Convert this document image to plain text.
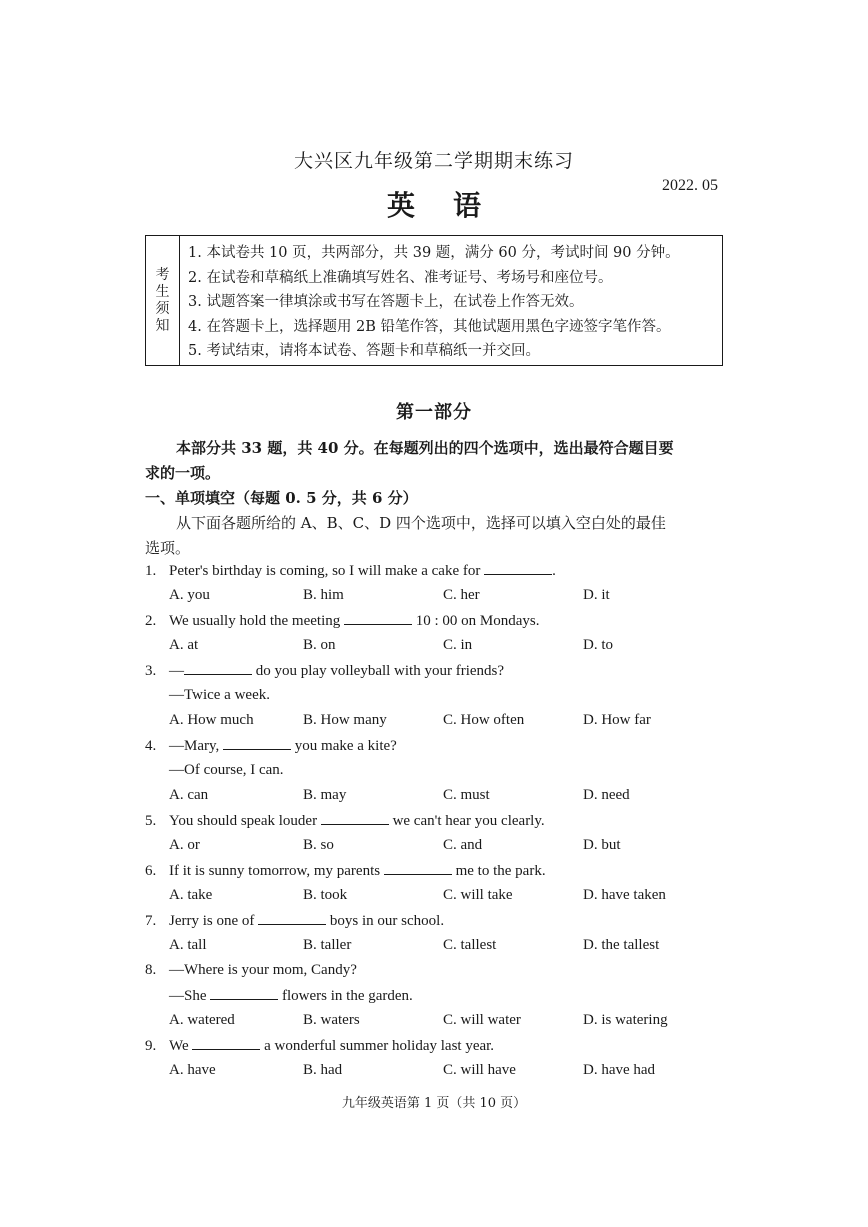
大兴区九年级第二学期期末练习
2022. 05
英语
考
生
须
知
1. 本试卷共 10 页，共两部分，共 39 题，满分 60 分，考试时间 90 分钟。
2. 在试卷和草稿纸上准确填写姓名、准考证号、考场号和座位号。
3. 试题答案一律填涂或书写在答题卡上，在试卷上作答无效。
4. 在答题卡上，选择题用 2B 铅笔作答，其他试题用黑色字迹签字笔作答。
5. 考试结束，请将本试卷、答题卡和草稿纸一并交回。
第一部分
本部分共 33 题，共 40 分。在每题列出的四个选项中，选出最符合题目要
求的一项。
一、单项填空（每题 0. 5 分，共 6 分）
从下面各题所给的 A、B、C、D 四个选项中，选择可以填入空白处的最佳
选项。
1. Peter's birthday is coming, so I will make a cake for	.
A. you	B. him	C. her	D. it
2. We usually hold the meeting	10 : 00 on Mondays.
A. at	B. on	C. in	D. to
3. —	do you play volleyball with your friends?
—Twice a week.
A. How much	B. How many	C. How often	D. How far
4. —Mary,	you make a kite?
—Of course, I can.
A. can	B. may	C. must	D. need
5. You should speak louder	we can't hear you clearly.
A. or	B. so	C. and	D. but
6. If it is sunny tomorrow, my parents	me to the park.
A. take	B. took	C. will take	D. have taken
7. Jerry is one of	boys in our school.
A. tall	B. taller	C. tallest	D. the tallest
8. —Where is your mom, Candy?
—She	flowers in the garden.
A. watered	B. waters	C. will water	D. is watering
9. We	a wonderful summer holiday last year.
A. have	B. had	C. will have	D. have had
九年级英语第 1 页（共 10 页）
